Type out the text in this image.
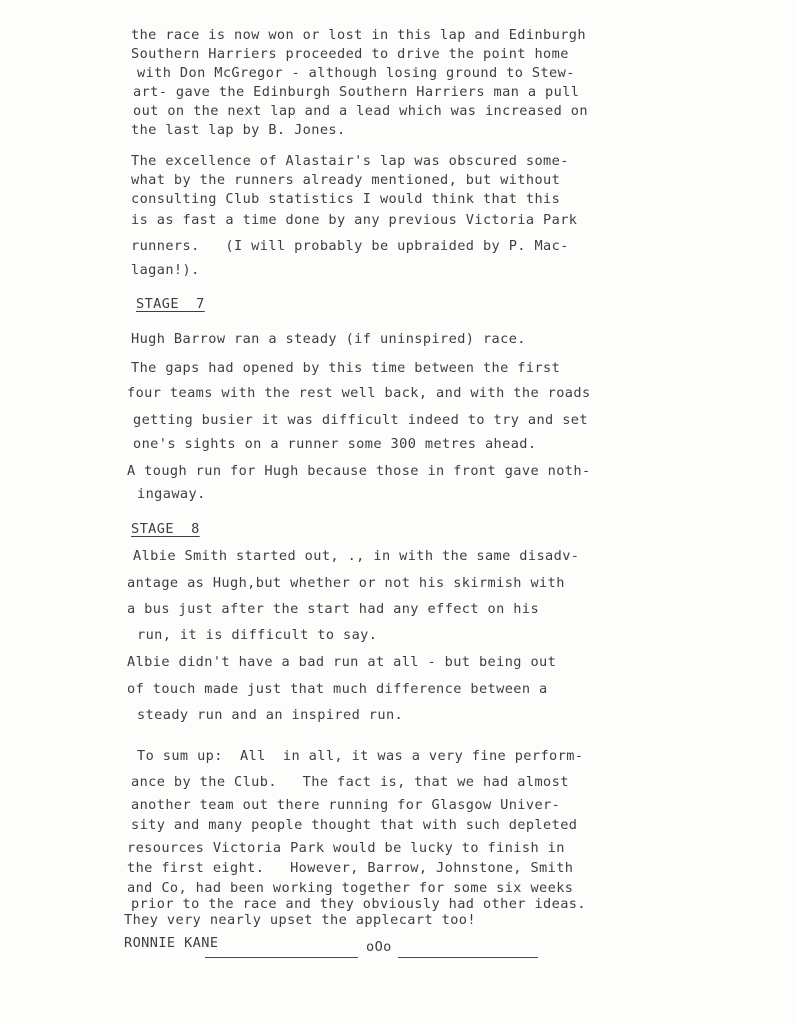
the race is now won or lost in this lap and Edinburgh

Southern Harriers proceeded to drive the point home

with Don McGregor - although losing ground to Stew-

art- gave the Edinburgh Southern Harriers man a pull

out on the next lap and a lead which was increased on

the last lap by B. Jones.

The excellence of Alastair's lap was obscured some-

what by the runners already mentioned, but without

consulting Club statistics I would think that this

is as fast a time done by any previous Victoria Park

runners.   (I will probably be upbraided by P. Mac-

lagan!).

STAGE  7

Hugh Barrow ran a steady (if uninspired) race.

The gaps had opened by this time between the first

four teams with the rest well back, and with the roads

getting busier it was difficult indeed to try and set

one's sights on a runner some 300 metres ahead.

A tough run for Hugh because those in front gave noth-

ingaway.

STAGE  8

Albie Smith started out, ., in with the same disadv-

antage as Hugh,but whether or not his skirmish with

a bus just after the start had any effect on his

run, it is difficult to say.

Albie didn't have a bad run at all - but being out

of touch made just that much difference between a

steady run and an inspired run.

To sum up:  All  in all, it was a very fine perform-

ance by the Club.   The fact is, that we had almost

another team out there running for Glasgow Univer-

sity and many people thought that with such depleted

resources Victoria Park would be lucky to finish in

the first eight.   However, Barrow, Johnstone, Smith

and Co, had been working together for some six weeks

prior to the race and they obviously had other ideas.

They very nearly upset the applecart too!

RONNIE KANE	oOo
